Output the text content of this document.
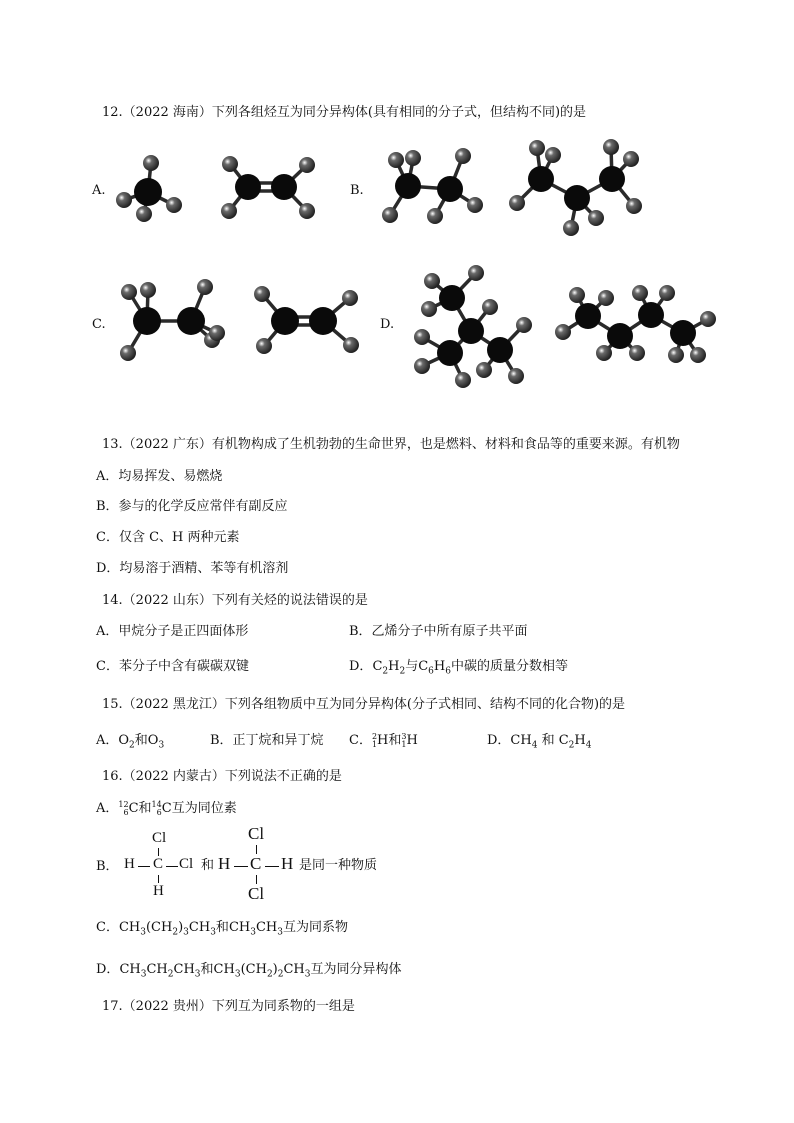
12.（2022 海南）下列各组烃互为同分异构体(具有相同的分子式，但结构不同)的是
A.	B.
C.	D.
13.（2022 广东）有机物构成了生机勃勃的生命世界，也是燃料、材料和食品等的重要来源。有机物
A．均易挥发、易燃烧
B．参与的化学反应常伴有副反应
C．仅含 C、H 两种元素
D．均易溶于酒精、苯等有机溶剂
14.（2022 山东）下列有关烃的说法错误的是
A．甲烷分子是正四面体形	B．乙烯分子中所有原子共平面
C．苯分子中含有碳碳双键	D．$C_2H_2$与$C_6H_6$中碳的质量分数相等
15.（2022 黑龙江）下列各组物质中互为同分异构体(分子式相同、结构不同的化合物)的是
A．$O_2$和$O_3$	B．正丁烷和异丁烷 C． 2
1 H和 3
1 H	D．$CH_4$ 和 $C_2H_4$
16.（2022 内蒙古）下列说法不正确的是
A． 12
6 C和 14
6 C互为同位素
B．
Cl
H C Cl
H
和
Cl
H C H
Cl
是同一种物质
C．$CH_3(CH_2)_3CH_3$和$CH_3CH_3$互为同系物
D．$CH_3CH_2CH_3$和$CH_3(CH_2)_2CH_3$互为同分异构体
17.（2022 贵州）下列互为同系物的一组是
